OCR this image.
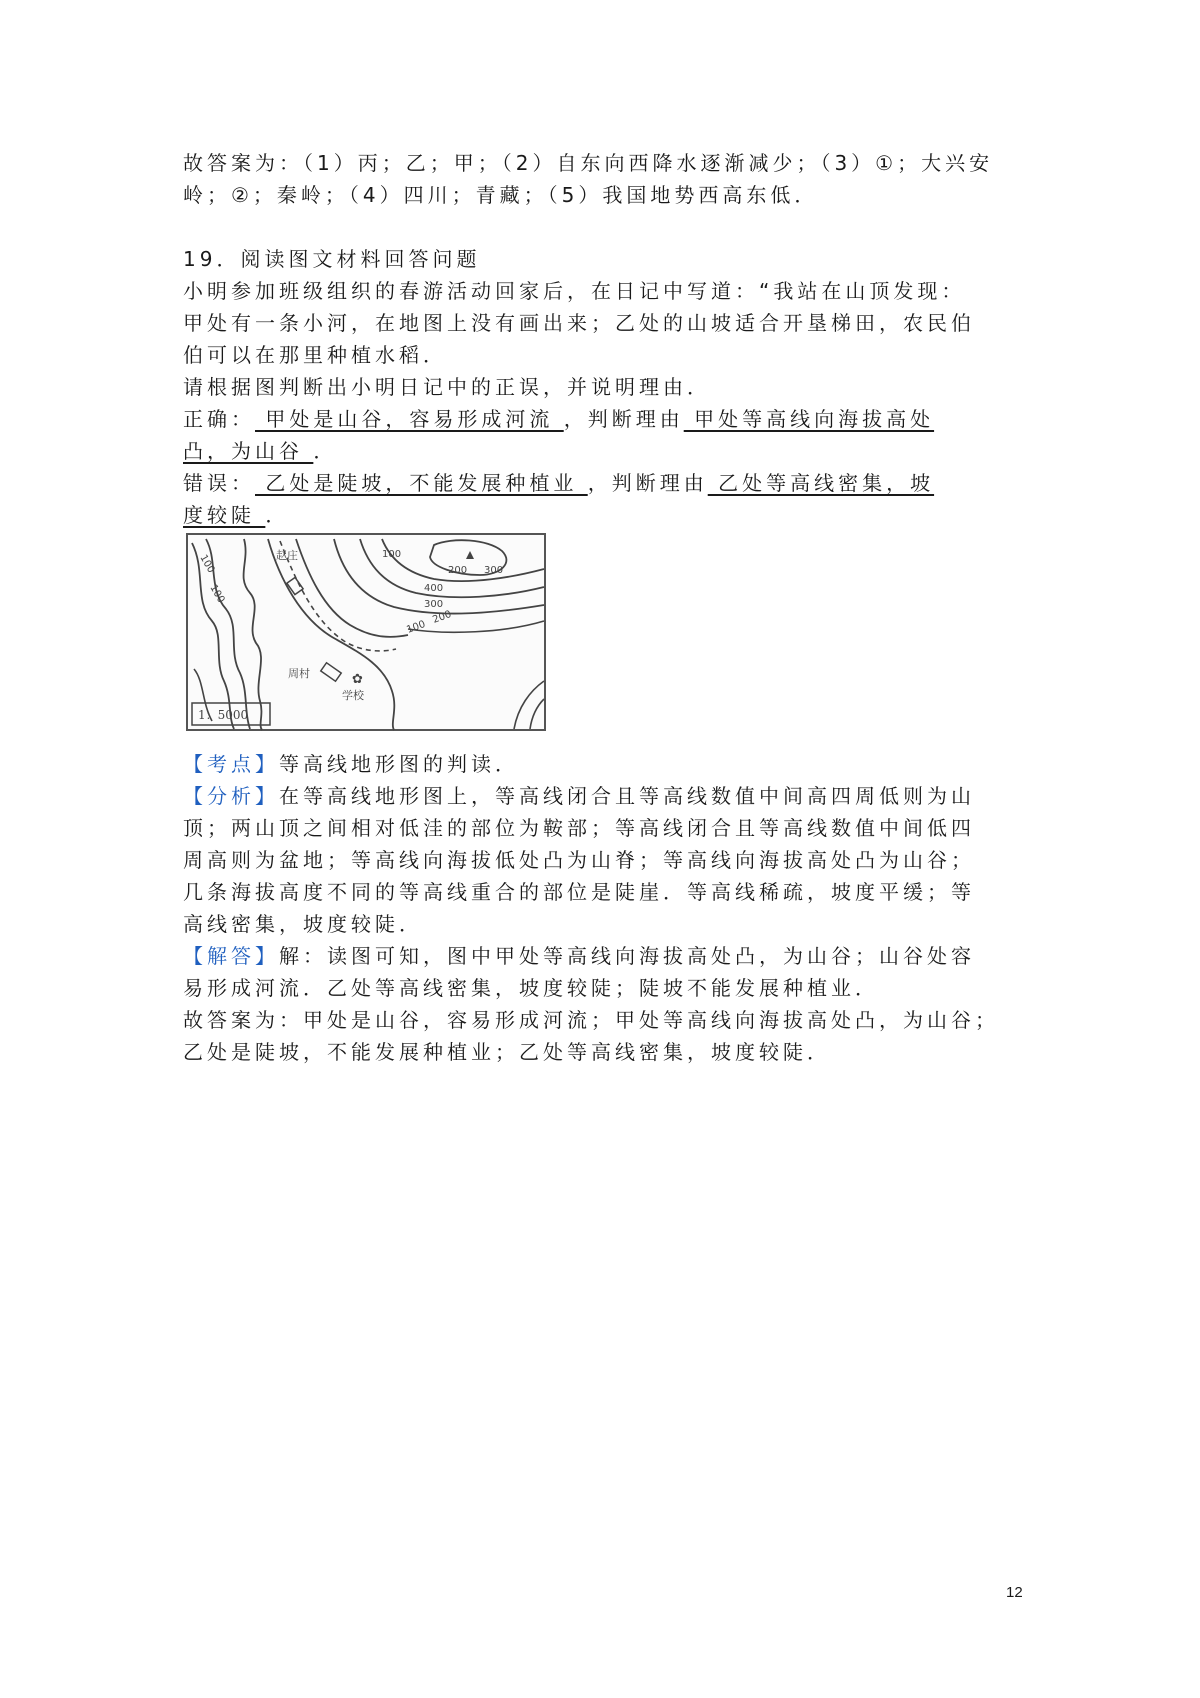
故答案为：（1）丙；乙；甲；（2）自东向西降水逐渐减少；（3）①；大兴安
岭；②；秦岭；（4）四川；青藏；（5）我国地势西高东低．
19．阅读图文材料回答问题
小明参加班级组织的春游活动回家后，在日记中写道：“我站在山顶发现：
甲处有一条小河，在地图上没有画出来；乙处的山坡适合开垦梯田，农民伯
伯可以在那里种植水稻．
请根据图判断出小明日记中的正误，并说明理由．
正确： 甲处是山谷，容易形成河流 ，判断理由 甲处等高线向海拔高处
凸，为山谷 ．
错误： 乙处是陡坡，不能发展种植业 ，判断理由 乙处等高线密集，坡
度较陡 ．
✿
1：5000
赵庄
周村
学校
100
100
100
200 300
400
300
200
100
【考点】等高线地形图的判读．
【分析】在等高线地形图上，等高线闭合且等高线数值中间高四周低则为山
顶；两山顶之间相对低洼的部位为鞍部；等高线闭合且等高线数值中间低四
周高则为盆地；等高线向海拔低处凸为山脊；等高线向海拔高处凸为山谷；
几条海拔高度不同的等高线重合的部位是陡崖．等高线稀疏，坡度平缓；等
高线密集，坡度较陡．
【解答】解：读图可知，图中甲处等高线向海拔高处凸，为山谷；山谷处容
易形成河流．乙处等高线密集，坡度较陡；陡坡不能发展种植业．
故答案为：甲处是山谷，容易形成河流；甲处等高线向海拔高处凸，为山谷；
乙处是陡坡，不能发展种植业；乙处等高线密集，坡度较陡．
12
